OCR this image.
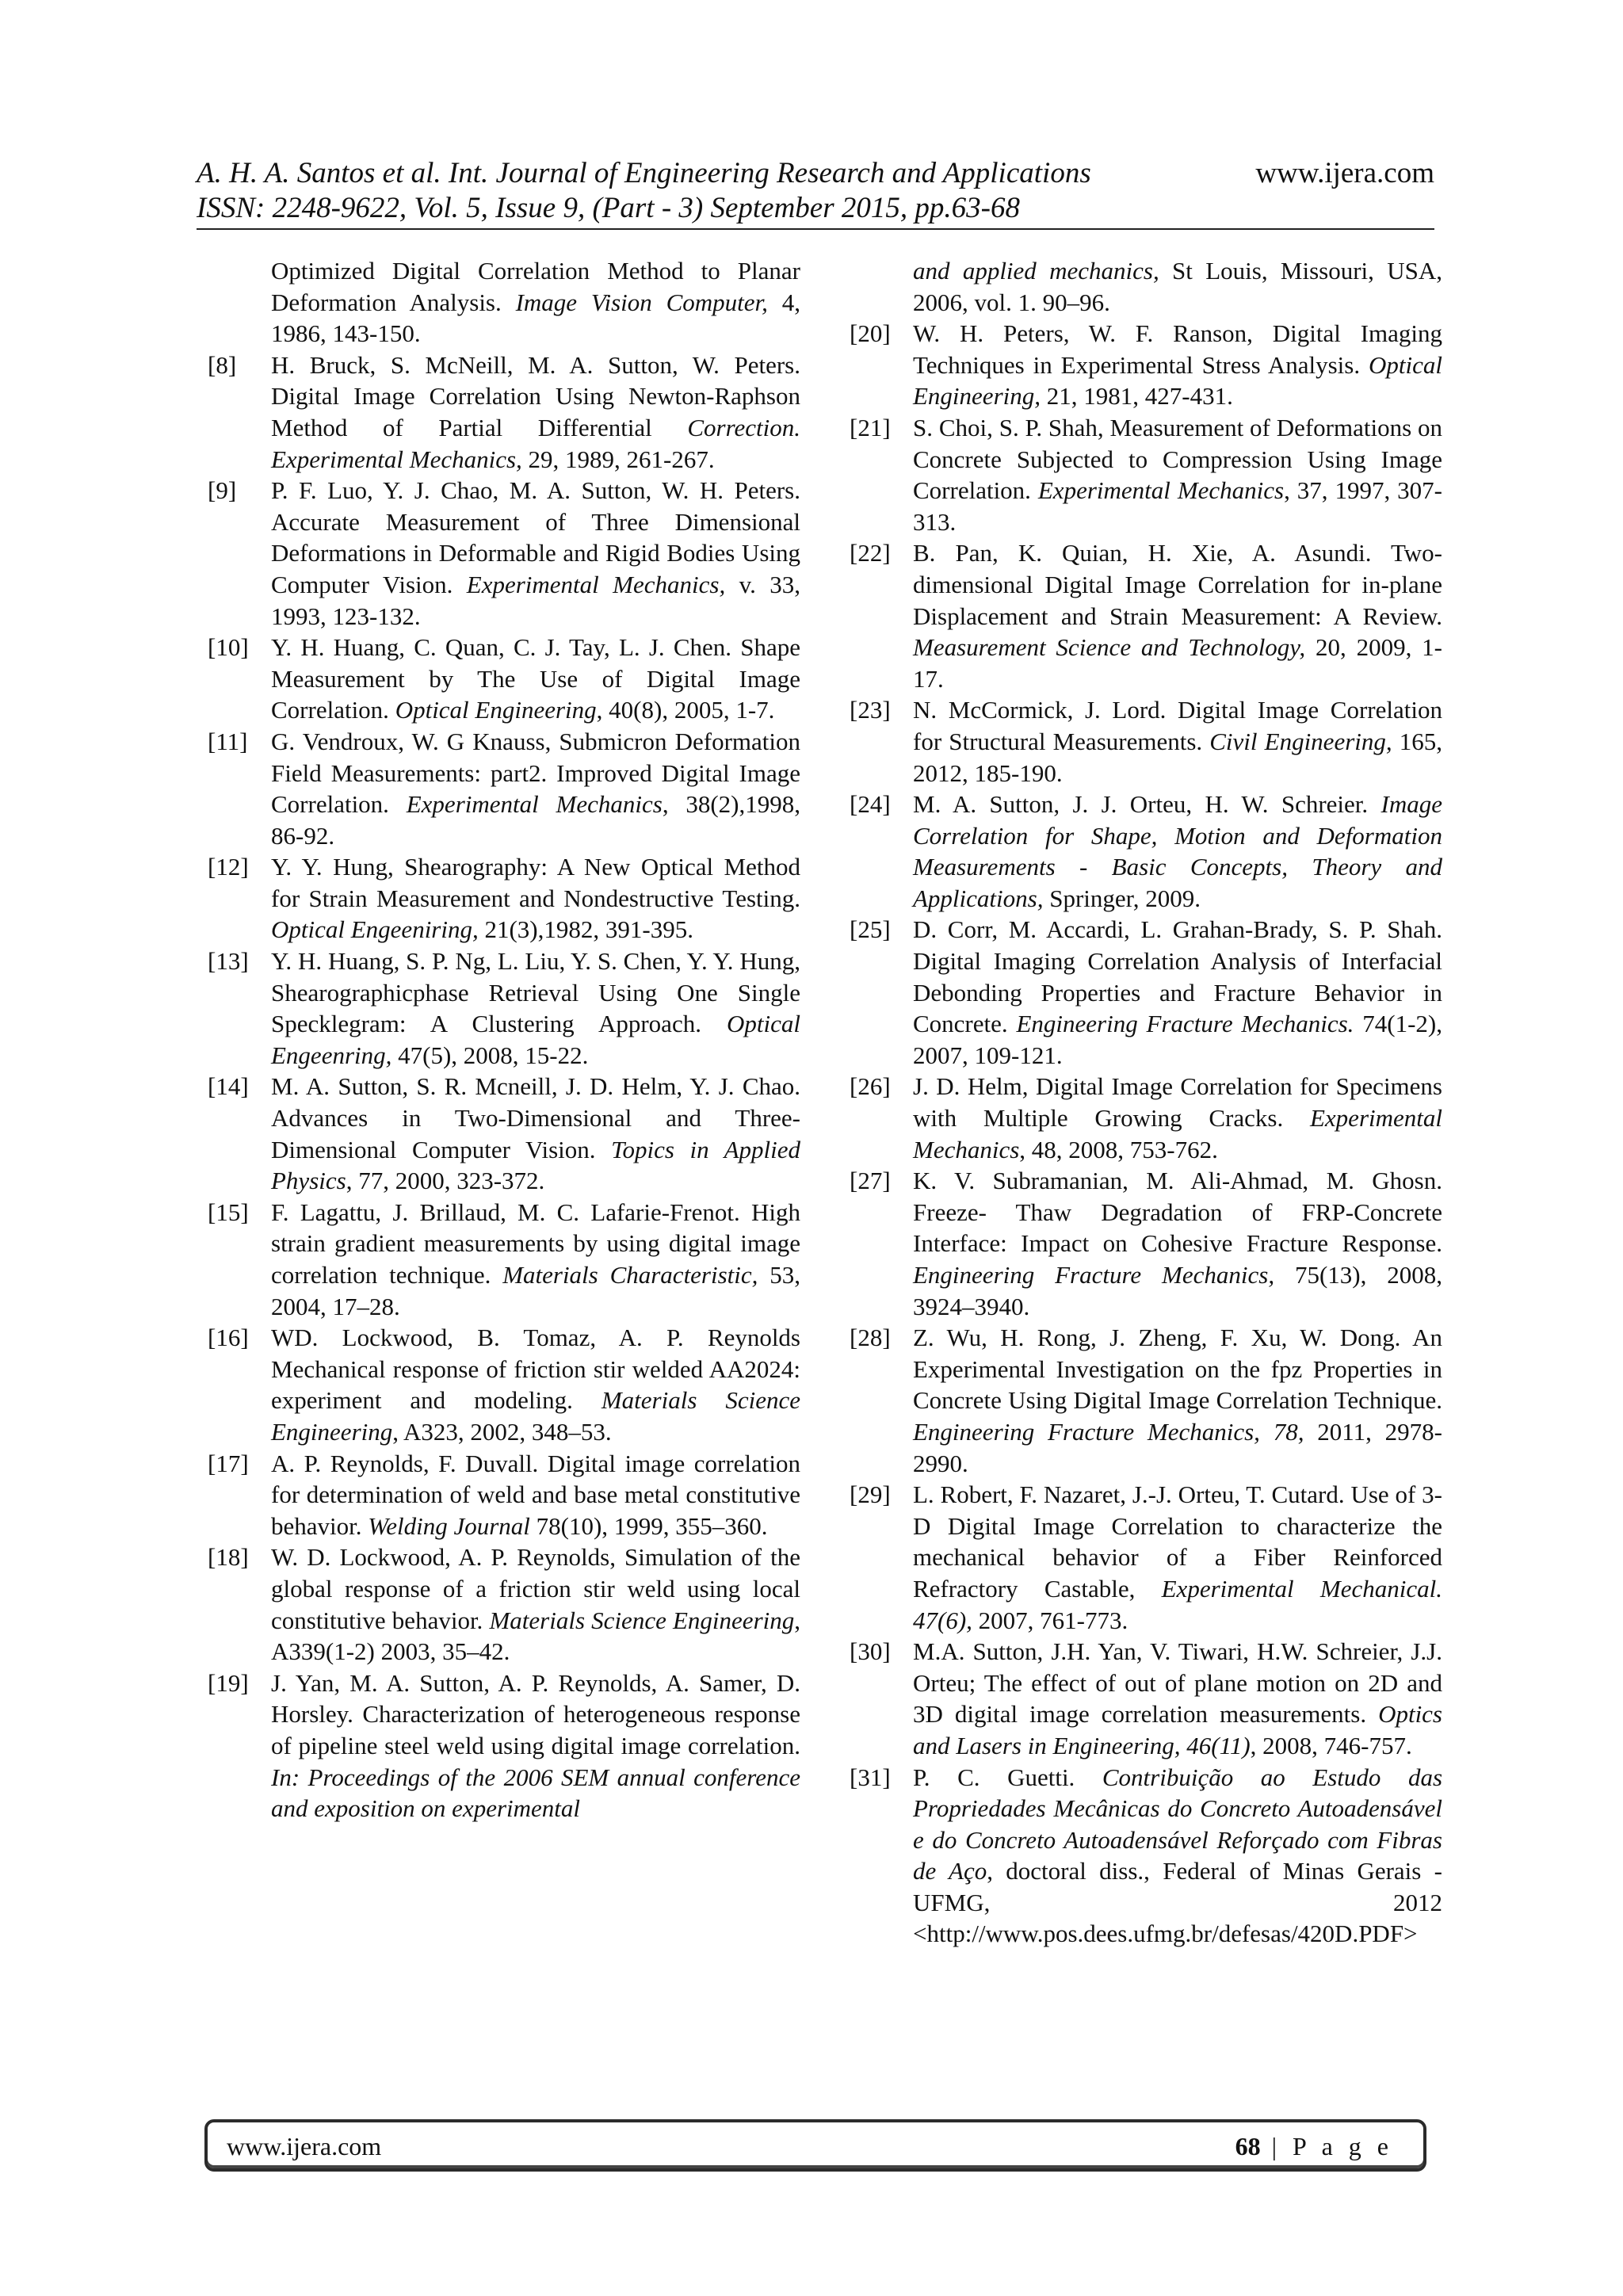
A. H. A. Santos et al. Int. Journal of Engineering Research and Applications	www.ijera.com
ISSN: 2248-9622, Vol. 5, Issue 9, (Part - 3) September 2015, pp.63-68
Optimized Digital Correlation Method to Planar Deformation Analysis. Image Vision Computer, 4, 1986, 143-150.
[8] H. Bruck, S. McNeill, M. A. Sutton, W. Peters. Digital Image Correlation Using Newton-Raphson Method of Partial Differential Correction. Experimental Mechanics, 29, 1989, 261-267.
[9] P. F. Luo, Y. J. Chao, M. A. Sutton, W. H. Peters. Accurate Measurement of Three Dimensional Deformations in Deformable and Rigid Bodies Using Computer Vision. Experimental Mechanics, v. 33, 1993, 123-132.
[10] Y. H. Huang, C. Quan, C. J. Tay, L. J. Chen. Shape Measurement by The Use of Digital Image Correlation. Optical Engineering, 40(8), 2005, 1-7.
[11] G. Vendroux, W. G Knauss, Submicron Deformation Field Measurements: part2. Improved Digital Image Correlation. Experimental Mechanics, 38(2),1998, 86-92.
[12] Y. Y. Hung, Shearography: A New Optical Method for Strain Measurement and Nondestructive Testing. Optical Engeeniring, 21(3),1982, 391-395.
[13] Y. H. Huang, S. P. Ng, L. Liu, Y. S. Chen, Y. Y. Hung, Shearographicphase Retrieval Using One Single Specklegram: A Clustering Approach. Optical Engeenring, 47(5), 2008, 15-22.
[14] M. A. Sutton, S. R. Mcneill, J. D. Helm, Y. J. Chao. Advances in Two-Dimensional and Three-Dimensional Computer Vision. Topics in Applied Physics, 77, 2000, 323-372.
[15] F. Lagattu, J. Brillaud, M. C. Lafarie-Frenot. High strain gradient measurements by using digital image correlation technique. Materials Characteristic, 53, 2004, 17–28.
[16] WD. Lockwood, B. Tomaz, A. P. Reynolds Mechanical response of friction stir welded AA2024: experiment and modeling. Materials Science Engineering, A323, 2002, 348–53.
[17] A. P. Reynolds, F. Duvall. Digital image correlation for determination of weld and base metal constitutive behavior. Welding Journal 78(10), 1999, 355–360.
[18] W. D. Lockwood, A. P. Reynolds, Simulation of the global response of a friction stir weld using local constitutive behavior. Materials Science Engineering, A339(1-2) 2003, 35–42.
[19] J. Yan, M. A. Sutton, A. P. Reynolds, A. Samer, D. Horsley. Characterization of heterogeneous response of pipeline steel weld using digital image correlation. In: Proceedings of the 2006 SEM annual conference and exposition on experimental
and applied mechanics, St Louis, Missouri, USA, 2006, vol. 1. 90–96.
[20] W. H. Peters, W. F. Ranson, Digital Imaging Techniques in Experimental Stress Analysis. Optical Engineering, 21, 1981, 427-431.
[21] S. Choi, S. P. Shah, Measurement of Deformations on Concrete Subjected to Compression Using Image Correlation. Experimental Mechanics, 37, 1997, 307-313.
[22] B. Pan, K. Quian, H. Xie, A. Asundi. Two-dimensional Digital Image Correlation for in-plane Displacement and Strain Measurement: A Review. Measurement Science and Technology, 20, 2009, 1-17.
[23] N. McCormick, J. Lord. Digital Image Correlation for Structural Measurements. Civil Engineering, 165, 2012, 185-190.
[24] M. A. Sutton, J. J. Orteu, H. W. Schreier. Image Correlation for Shape, Motion and Deformation Measurements - Basic Concepts, Theory and Applications, Springer, 2009.
[25] D. Corr, M. Accardi, L. Grahan-Brady, S. P. Shah. Digital Imaging Correlation Analysis of Interfacial Debonding Properties and Fracture Behavior in Concrete. Engineering Fracture Mechanics. 74(1-2), 2007, 109-121.
[26] J. D. Helm, Digital Image Correlation for Specimens with Multiple Growing Cracks. Experimental Mechanics, 48, 2008, 753-762.
[27] K. V. Subramanian, M. Ali-Ahmad, M. Ghosn. Freeze- Thaw Degradation of FRP-Concrete Interface: Impact on Cohesive Fracture Response. Engineering Fracture Mechanics, 75(13), 2008, 3924–3940.
[28] Z. Wu, H. Rong, J. Zheng, F. Xu, W. Dong. An Experimental Investigation on the fpz Properties in Concrete Using Digital Image Correlation Technique. Engineering Fracture Mechanics, 78, 2011, 2978-2990.
[29] L. Robert, F. Nazaret, J.-J. Orteu, T. Cutard. Use of 3-D Digital Image Correlation to characterize the mechanical behavior of a Fiber Reinforced Refractory Castable, Experimental Mechanical. 47(6), 2007, 761-773.
[30] M.A. Sutton, J.H. Yan, V. Tiwari, H.W. Schreier, J.J. Orteu; The effect of out of plane motion on 2D and 3D digital image correlation measurements. Optics and Lasers in Engineering, 46(11), 2008, 746-757.
[31] P. C. Guetti. Contribuição ao Estudo das Propriedades Mecânicas do Concreto Autoadensável e do Concreto Autoadensável Reforçado com Fibras de Aço, doctoral diss., Federal of Minas Gerais - UFMG, 2012 <http://www.pos.dees.ufmg.br/defesas/420D.PDF>
www.ijera.com	68 | P a g e
